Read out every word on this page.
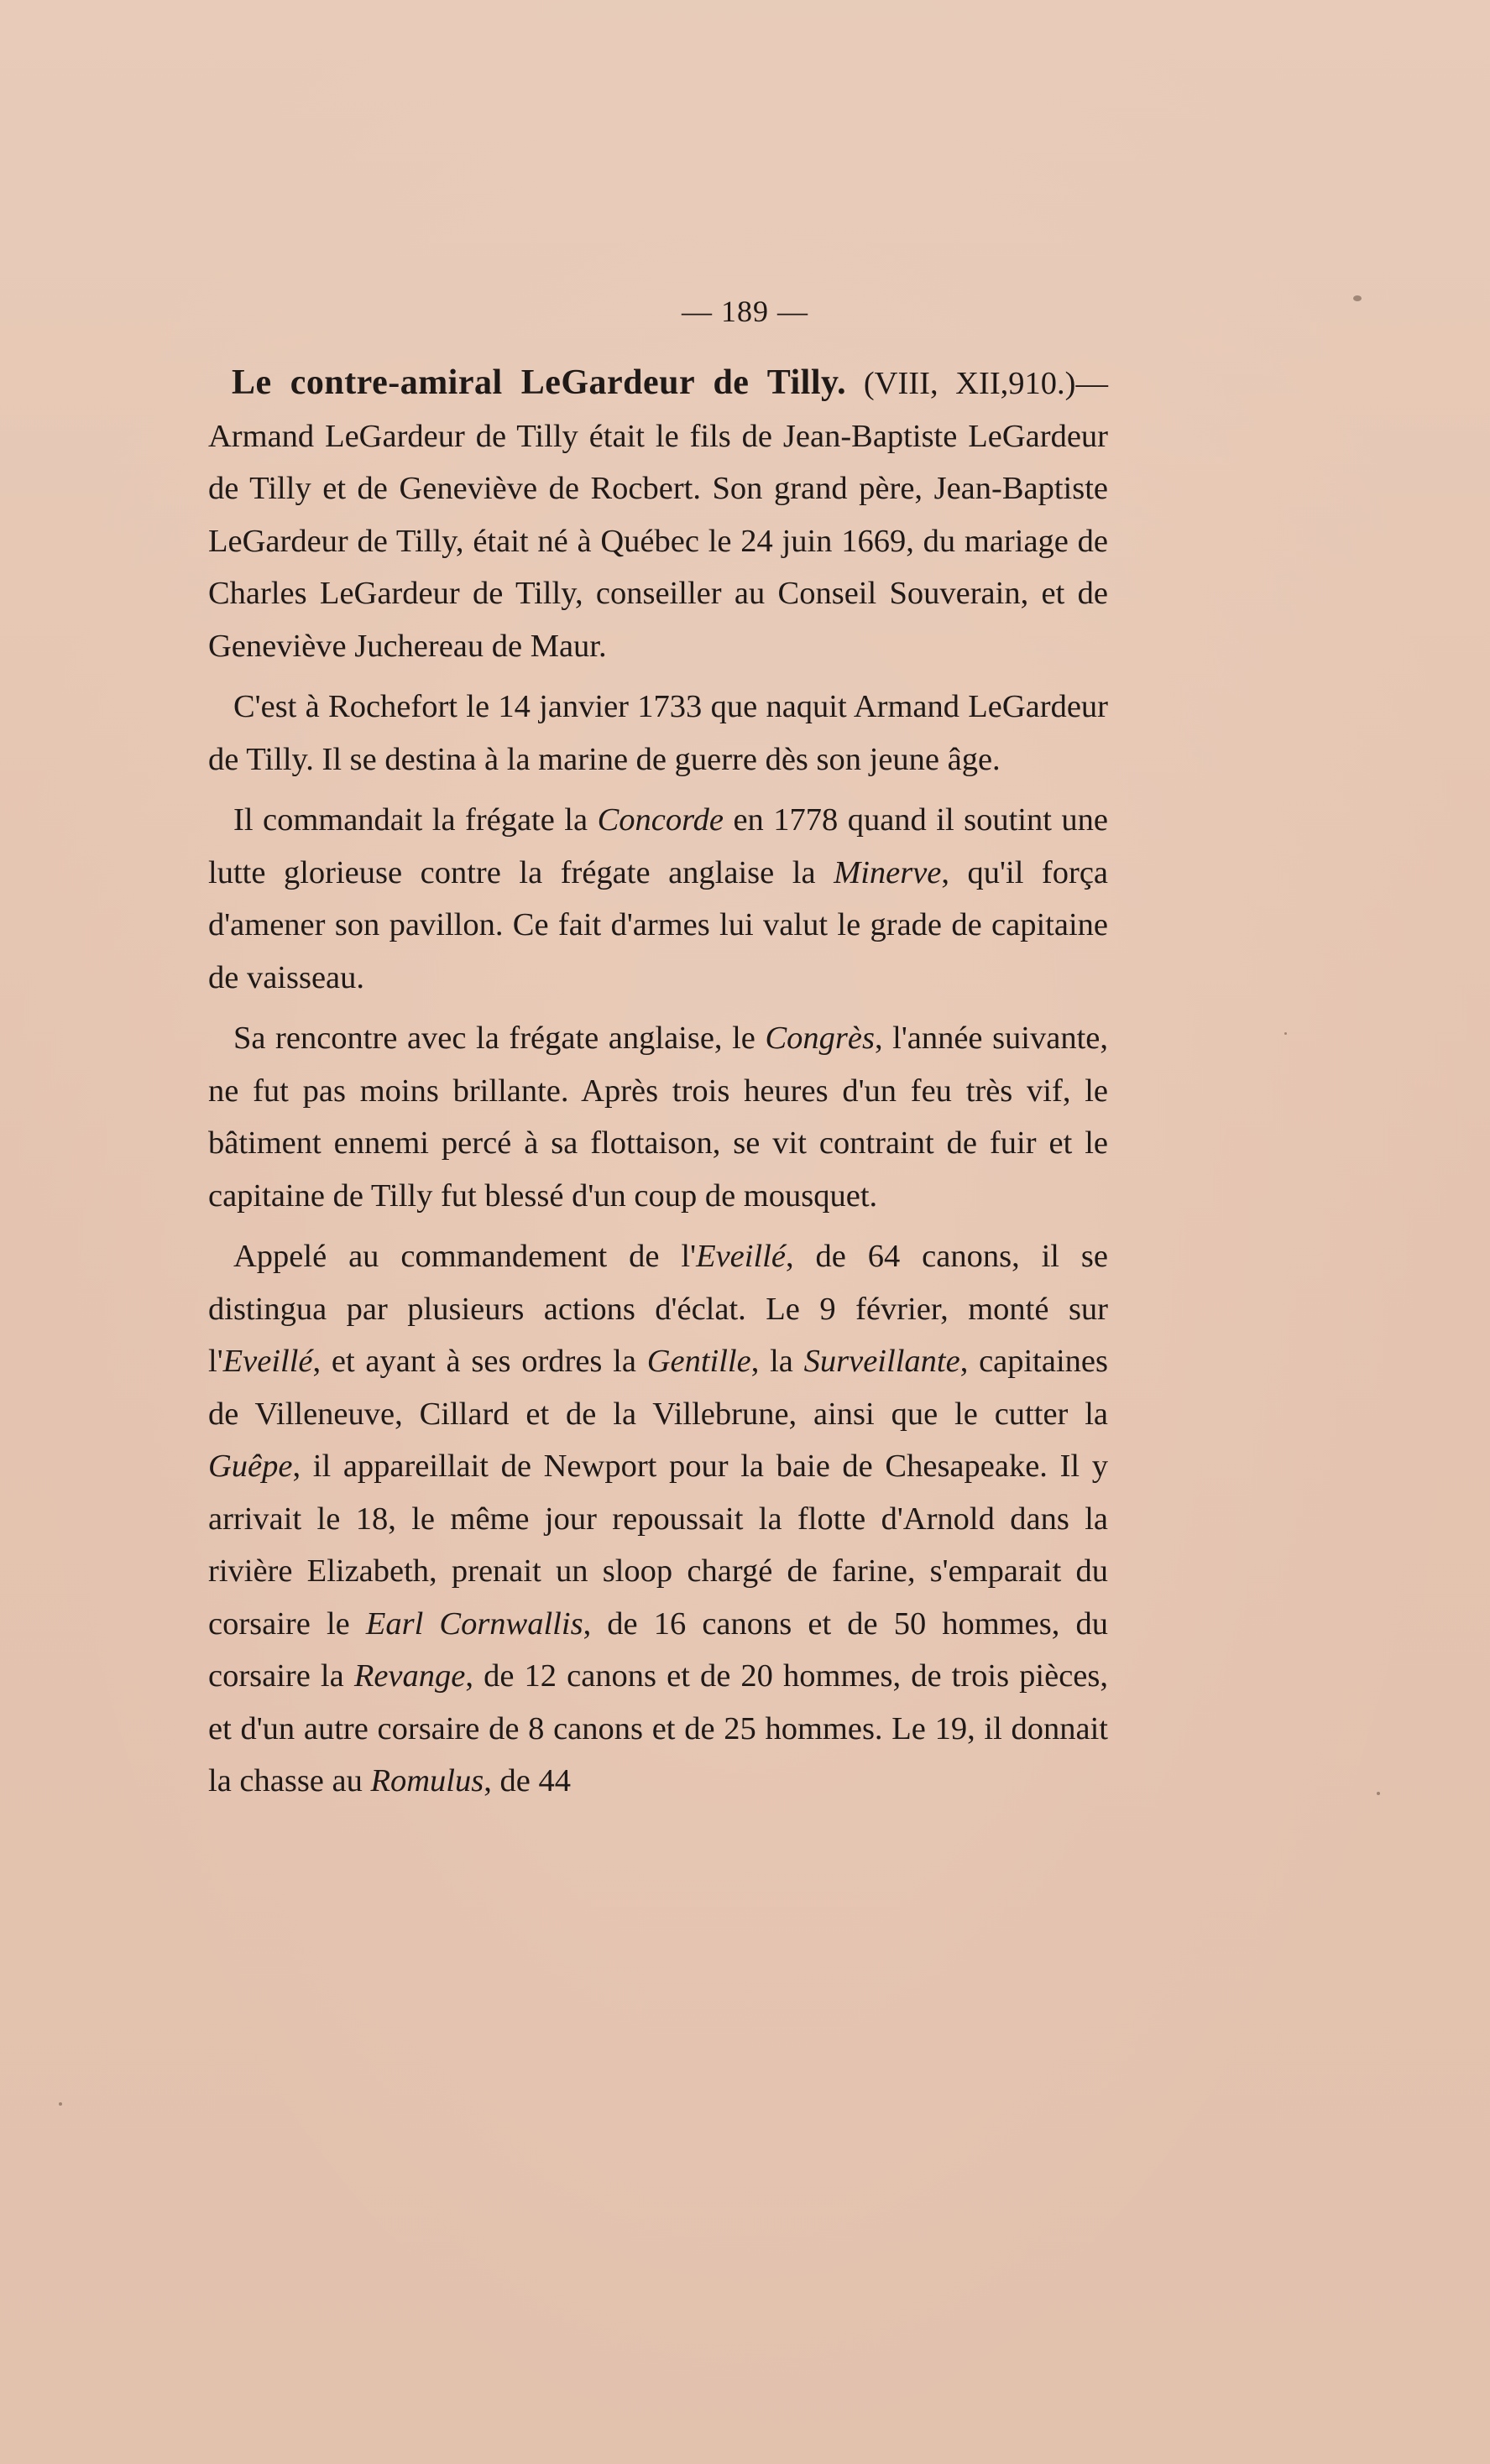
— 189 —

Le contre-amiral LeGardeur de Tilly. (VIII, XII,910.)—Armand LeGardeur de Tilly était le fils de Jean-Baptiste LeGardeur de Tilly et de Geneviève de Rocbert. Son grand père, Jean-Baptiste LeGardeur de Tilly, était né à Québec le 24 juin 1669, du mariage de Charles LeGardeur de Tilly, conseiller au Conseil Souverain, et de Geneviève Juchereau de Maur.

C'est à Rochefort le 14 janvier 1733 que naquit Armand LeGardeur de Tilly. Il se destina à la marine de guerre dès son jeune âge.

Il commandait la frégate la Concorde en 1778 quand il soutint une lutte glorieuse contre la frégate anglaise la Minerve, qu'il força d'amener son pavillon. Ce fait d'armes lui valut le grade de capitaine de vaisseau.

Sa rencontre avec la frégate anglaise, le Congrès, l'année suivante, ne fut pas moins brillante. Après trois heures d'un feu très vif, le bâtiment ennemi percé à sa flottaison, se vit contraint de fuir et le capitaine de Tilly fut blessé d'un coup de mousquet.

Appelé au commandement de l'Eveillé, de 64 canons, il se distingua par plusieurs actions d'éclat. Le 9 février, monté sur l'Eveillé, et ayant à ses ordres la Gentille, la Surveillante, capitaines de Villeneuve, Cillard et de la Villebrune, ainsi que le cutter la Guêpe, il appareillait de Newport pour la baie de Chesapeake. Il y arrivait le 18, le même jour repoussait la flotte d'Arnold dans la rivière Elizabeth, prenait un sloop chargé de farine, s'emparait du corsaire le Earl Cornwallis, de 16 canons et de 50 hommes, du corsaire la Revange, de 12 canons et de 20 hommes, de trois pièces, et d'un autre corsaire de 8 canons et de 25 hommes. Le 19, il donnait la chasse au Romulus, de 44
